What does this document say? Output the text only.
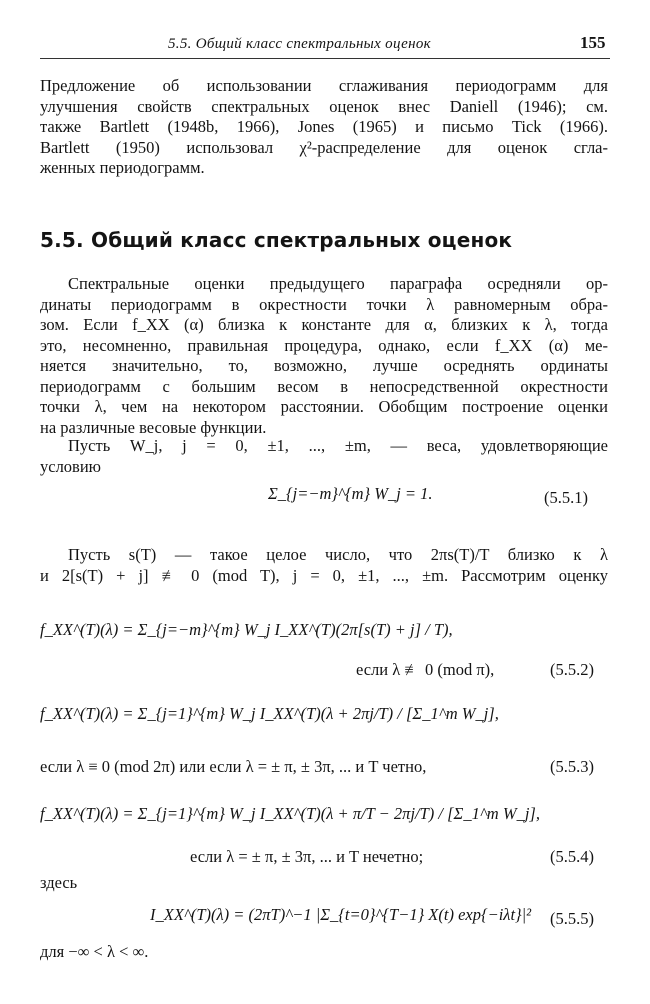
5.5. Общий класс спектральных оценок	155
Предложение об использовании сглаживания периодограмм для
улучшения свойств спектральных оценок внес Daniell (1946); см.
также Bartlett (1948b, 1966), Jones (1965) и письмо Tick (1966).
Bartlett (1950) использовал χ²-распределение для оценок сгла-
женных периодограмм.
5.5. Общий класс спектральных оценок
Спектральные оценки предыдущего параграфа осредняли ор-
динаты периодограмм в окрестности точки λ равномерным обра-
зом. Если f_XX (α) близка к константе для α, близких к λ, тогда
это, несомненно, правильная процедура, однако, если f_XX (α) ме-
няется значительно, то, возможно, лучше осреднять ординаты
периодограмм с большим весом в непосредственной окрестности
точки λ, чем на некотором расстоянии. Обобщим построение оценки
на различные весовые функции.
Пусть W_j, j = 0, ±1, ..., ±m, — веса, удовлетворяющие
условию
Σ_{j=−m}^{m} W_j = 1.	(5.5.1)
Пусть s(T) — такое целое число, что 2πs(T)/T близко к λ
и 2[s(T) + j] ≢ 0 (mod T), j = 0, ±1, ..., ±m. Рассмотрим оценку
f_XX^(T)(λ) = Σ_{j=−m}^{m} W_j I_XX^(T)(2π[s(T) + j] / T),
если λ ≢ 0 (mod π),	(5.5.2)
f_XX^(T)(λ) = Σ_{j=1}^{m} W_j I_XX^(T)(λ + 2πj/T) / [Σ_1^m W_j],
если λ ≡ 0 (mod 2π) или если λ = ± π, ± 3π, ... и T четно,	(5.5.3)
f_XX^(T)(λ) = Σ_{j=1}^{m} W_j I_XX^(T)(λ + π/T − 2πj/T) / [Σ_1^m W_j],
если λ = ± π, ± 3π, ... и T нечетно;	(5.5.4)
здесь
I_XX^(T)(λ) = (2πT)^−1 |Σ_{t=0}^{T−1} X(t) exp{−iλt}|² (5.5.5)
для −∞ < λ < ∞.
